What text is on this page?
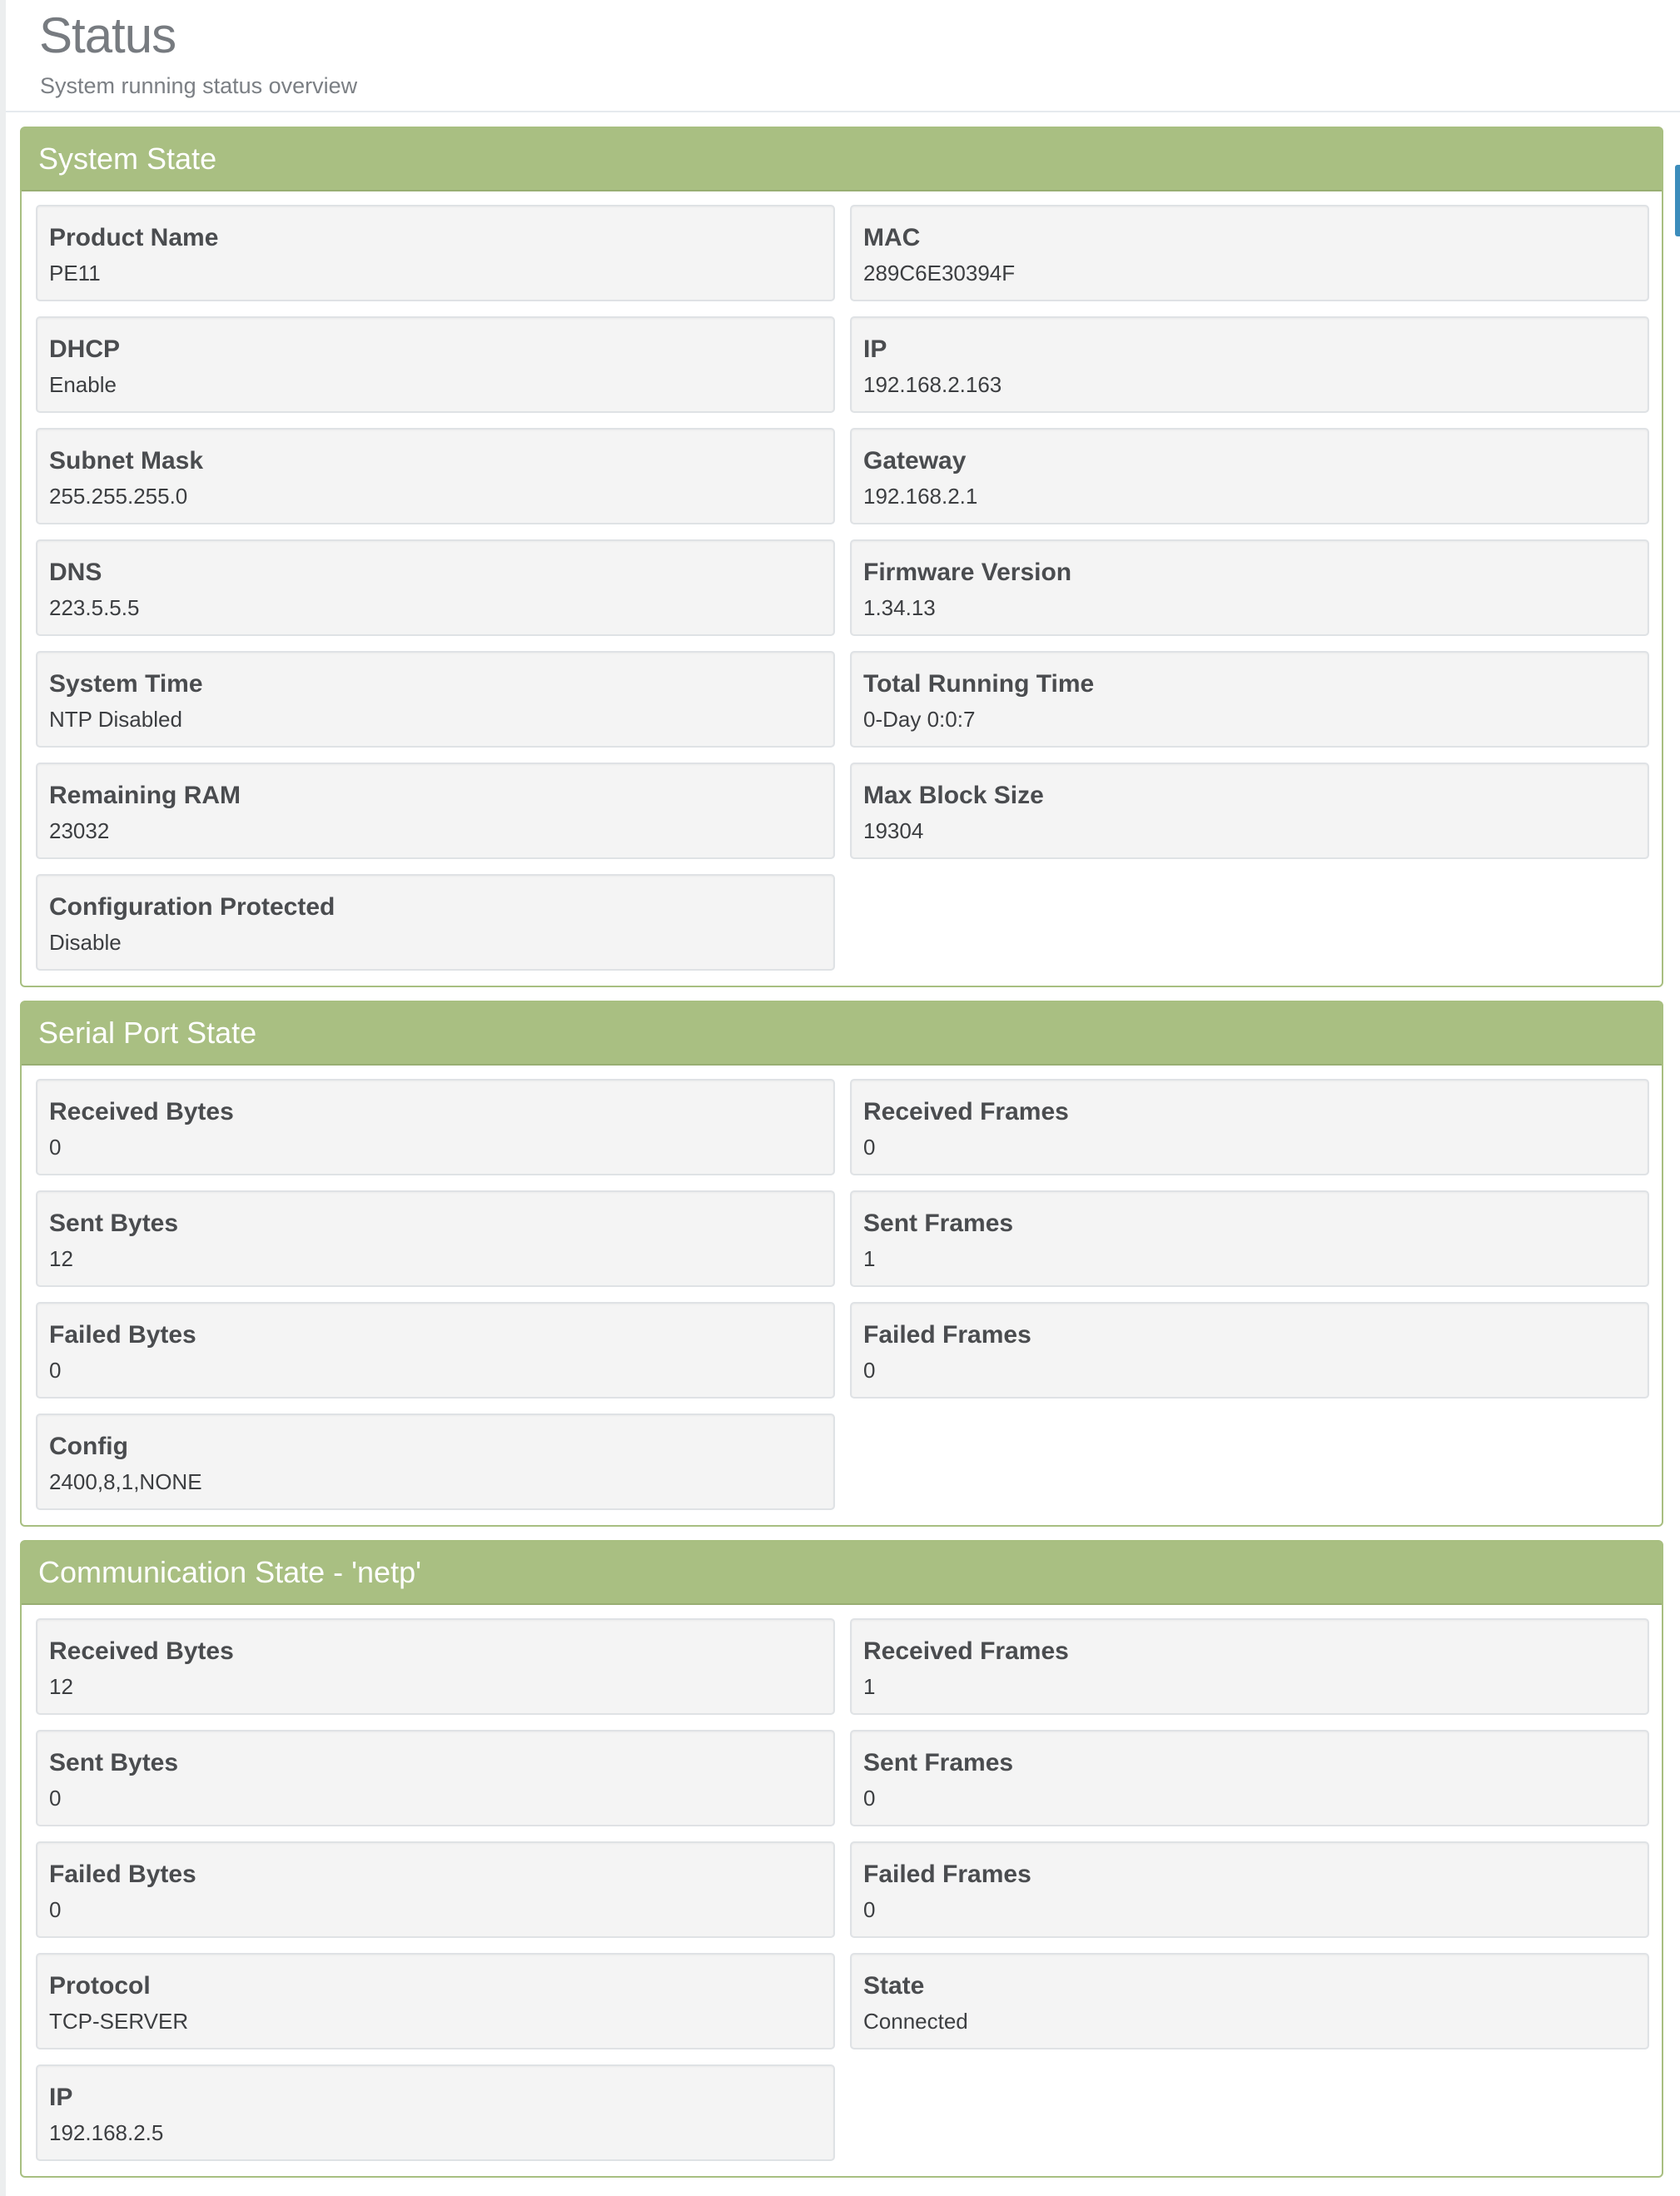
Status
System running status overview
System State
Product Name
PE11
MAC
289C6E30394F
DHCP
Enable
IP
192.168.2.163
Subnet Mask
255.255.255.0
Gateway
192.168.2.1
DNS
223.5.5.5
Firmware Version
1.34.13
System Time
NTP Disabled
Total Running Time
0-Day 0:0:7
Remaining RAM
23032
Max Block Size
19304
Configuration Protected
Disable
Serial Port State
Received Bytes
0
Received Frames
0
Sent Bytes
12
Sent Frames
1
Failed Bytes
0
Failed Frames
0
Config
2400,8,1,NONE
Communication State - 'netp'
Received Bytes
12
Received Frames
1
Sent Bytes
0
Sent Frames
0
Failed Bytes
0
Failed Frames
0
Protocol
TCP-SERVER
State
Connected
IP
192.168.2.5
